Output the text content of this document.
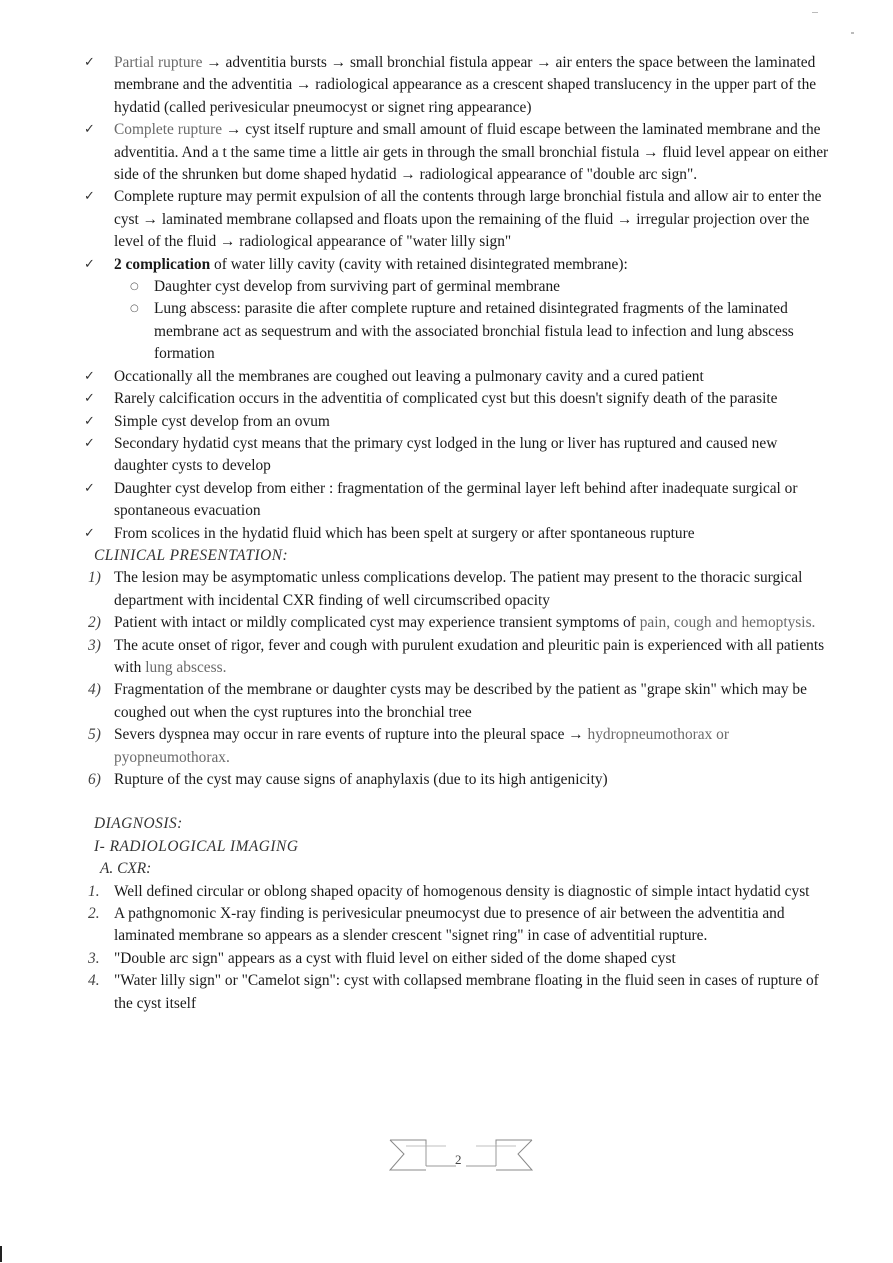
✓	Partial rupture → adventitia bursts → small bronchial fistula appear → air enters the space between the laminated membrane and the adventitia → radiological appearance as a crescent shaped translucency in the upper part of the hydatid (called perivesicular pneumocyst or signet ring appearance)
✓	Complete rupture → cyst itself rupture and small amount of fluid escape between the laminated membrane and the adventitia. And a t the same time a little air gets in through the small bronchial fistula → fluid level appear on either side of the shrunken but dome shaped hydatid → radiological appearance of "double arc sign".
✓	Complete rupture may permit expulsion of all the contents through large bronchial fistula and allow air to enter the cyst → laminated membrane collapsed and floats upon the remaining of the fluid → irregular projection over the level of the fluid → radiological appearance of "water lilly sign"
✓	2 complication of water lilly cavity (cavity with retained disintegrated membrane):
○ Daughter cyst develop from surviving part of germinal membrane
○ Lung abscess: parasite die after complete rupture and retained disintegrated fragments of the laminated membrane act as sequestrum and with the associated bronchial fistula lead to infection and lung abscess formation
✓	Occationally all the membranes are coughed out leaving a pulmonary cavity and a cured patient
✓	Rarely calcification occurs in the adventitia of complicated cyst but this doesn't signify death of the parasite
✓	Simple cyst develop from an ovum
✓	Secondary hydatid cyst means that the primary cyst lodged in the lung or liver has ruptured and caused new daughter cysts to develop
✓	Daughter cyst develop from either : fragmentation of the germinal layer left behind after inadequate surgical or spontaneous evacuation
✓	From scolices in the hydatid fluid which has been spelt at surgery or after spontaneous rupture
CLINICAL PRESENTATION:
1) The lesion may be asymptomatic unless complications develop. The patient may present to the thoracic surgical department with incidental CXR finding of well circumscribed opacity
2) Patient with intact or mildly complicated cyst may experience transient symptoms of pain, cough and hemoptysis.
3) The acute onset of rigor, fever and cough with purulent exudation and pleuritic pain is experienced with all patients with lung abscess.
4) Fragmentation of the membrane or daughter cysts may be described by the patient as "grape skin" which may be coughed out when the cyst ruptures into the bronchial tree
5) Severs dyspnea may occur in rare events of rupture into the pleural space → hydropneumothorax or pyopneumothorax.
6) Rupture of the cyst may cause signs of anaphylaxis (due to its high antigenicity)
DIAGNOSIS:
I- RADIOLOGICAL IMAGING
A. CXR:
1. Well defined circular or oblong shaped opacity of homogenous density is diagnostic of simple intact hydatid cyst
2. A pathgnomonic X-ray finding is perivesicular pneumocyst due to presence of air between the adventitia and laminated membrane so appears as a slender crescent "signet ring" in case of adventitial rupture.
3. "Double arc sign" appears as a cyst with fluid level on either sided of the dome shaped cyst
4. "Water lilly sign" or "Camelot sign": cyst with collapsed membrane floating in the fluid seen in cases of rupture of the cyst itself
2
